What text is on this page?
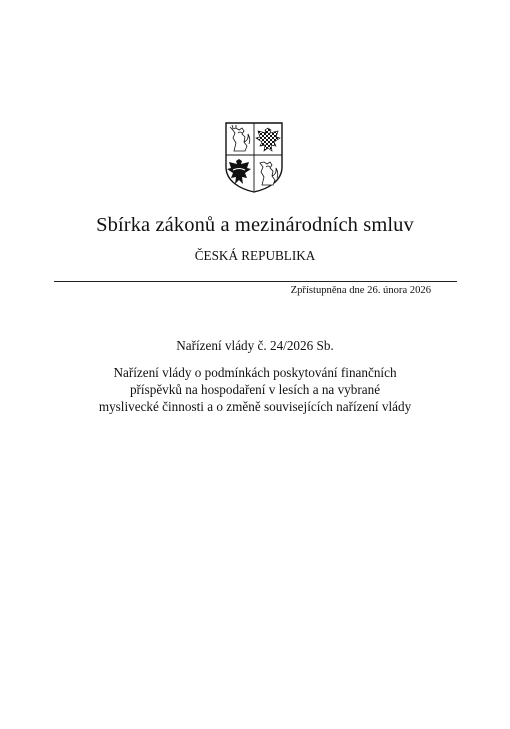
Sbírka zákonů a mezinárodních smluv
ČESKÁ REPUBLIKA
Zpřístupněna dne 26. února 2026
Nařízení vlády č. 24/2026 Sb.
Nařízení vlády o podmínkách poskytování finančních
příspěvků na hospodaření v lesích a na vybrané
myslivecké činnosti a o změně souvisejících nařízení vlády
